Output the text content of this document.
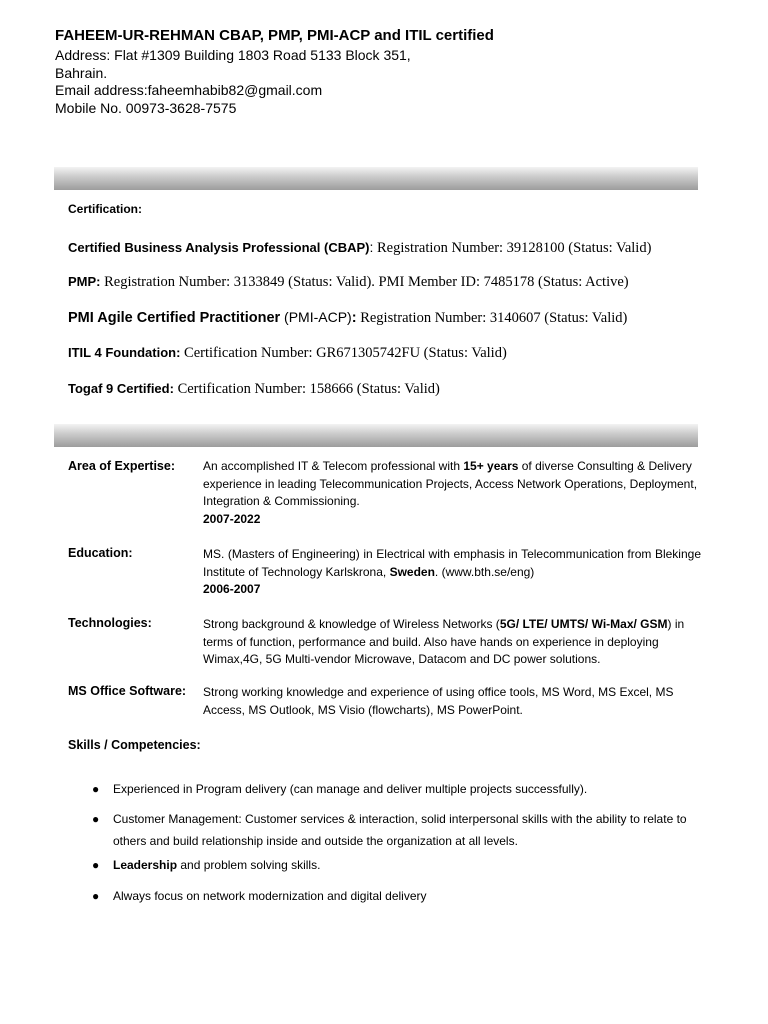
FAHEEM-UR-REHMAN CBAP, PMP, PMI-ACP and ITIL certified
Address: Flat #1309 Building 1803 Road 5133 Block 351,
Bahrain.
Email address:faheemhabib82@gmail.com
Mobile No. 00973-3628-7575
Certification:
Certified Business Analysis Professional (CBAP): Registration Number: 39128100 (Status: Valid)
PMP: Registration Number: 3133849 (Status: Valid). PMI Member ID: 7485178 (Status: Active)
PMI Agile Certified Practitioner (PMI-ACP): Registration Number: 3140607 (Status: Valid)
ITIL 4 Foundation: Certification Number: GR671305742FU (Status: Valid)
Togaf 9 Certified: Certification Number: 158666 (Status: Valid)
Area of Expertise: An accomplished IT & Telecom professional with 15+ years of diverse Consulting & Delivery experience in leading Telecommunication Projects, Access Network Operations, Deployment, Integration & Commissioning.
2007-2022
Education:	MS. (Masters of Engineering) in Electrical with emphasis in Telecommunication from Blekinge Institute of Technology Karlskrona, Sweden. (www.bth.se/eng)
2006-2007
Technologies:	Strong background & knowledge of Wireless Networks (5G/ LTE/ UMTS/ Wi-Max/ GSM) in terms of function, performance and build. Also have hands on experience in deploying Wimax,4G, 5G Multi-vendor Microwave, Datacom and DC power solutions.
MS Office Software: Strong working knowledge and experience of using office tools, MS Word, MS Excel, MS Access, MS Outlook, MS Visio (flowcharts), MS PowerPoint.
Skills / Competencies:
● Experienced in Program delivery (can manage and deliver multiple projects successfully).
● Customer Management: Customer services & interaction, solid interpersonal skills with the ability to relate to others and build relationship inside and outside the organization at all levels.
● Leadership and problem solving skills.
● Always focus on network modernization and digital delivery
